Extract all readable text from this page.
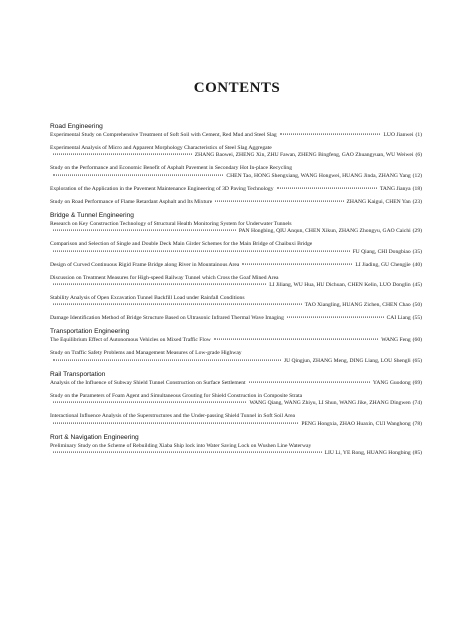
CONTENTS
Road Engineering
Experimental Study on Comprehensive Treatment of Soft Soil with Cement, Red Mud and Steel Slag	LUO Jianwei (1)
Experimental Analysis of Micro and Apparent Morphology Characteristics of Steel Slag Aggregate
ZHANG Baowei, ZHENG Xin, ZHU Fawan, ZHENG Bingfeng, GAO Zhuangyuan, WU Weiwei (6)
Study on the Performance and Economic Benefit of Asphalt Pavement in Secondary Hot In-place Recycling
CHEN Tao, HONG Shengxiang, WANG Hongwei, HUANG Jinda, ZHANG Yang (12)
Exploration of the Application in the Pavement Maintenance Engineering of 3D Paving Technology	TANG Jianya (18)
Study on Road Performance of Flame Retardant Asphalt and Its Mixture	ZHANG Kaigui, CHEN Yan (23)
Bridge & Tunnel Engineering
Research on Key Construction Technology of Structural Health Monitoring System for Underwater Tunnels
PAN Hongbing, QIU Anqun, CHEN Xikun, ZHANG Zhongyu, GAO Caichi (29)
Comparison and Selection of Single and Double Deck Main Girder Schemes for the Main Bridge of Chaibuxi Bridge
FU Qiang, CHI Dongbiao (35)
Design of Curved Continuous Rigid Frame Bridge along River in Mountainous Area	LI Jiading, GU Chengjie (40)
Discussion on Treatment Measures for High-speed Railway Tunnel which Cross the Goaf Mined Area
LI Jiliang, WU Hua, HU Dichuan, CHEN Kelin, LUO Donglin (45)
Stability Analysis of Open Excavation Tunnel Backfill Load under Rainfall Conditions
TAO Xiangling, HUANG Zichen, CHEN Chao (50)
Damage Identification Method of Bridge Structure Based on Ultrasonic Infrared Thermal Wave Imaging	CAI Liang (55)
Transportation Engineering
The Equilibrium Effect of Autonomous Vehicles on Mixed Traffic Flow	WANG Feng (60)
Study on Traffic Safety Problems and Management Measures of Low-grade Highway
JU Qingjun, ZHANG Meng, DING Liang, LOU Shengli (65)
Rail Transportation
Analysis of the Influence of Subway Shield Tunnel Construction on Surface Settlement	YANG Guodong (69)
Study on the Parameters of Foam Agent and Simultaneous Grouting for Shield Construction in Composite Strata
WANG Qiang, WANG Zhiyu, LI Shun, WANG Jike, ZHANG Dingwen (74)
Interactional Influence Analysis of the Superstructures and the Under-passing Shield Tunnel in Soft Soil Area
PENG Hongxia, ZHAO Huaxin, CUI Wanghong (78)
Rort & Navigation Engineering
Preliminary Study on the Scheme of Rebuilding Xiaba Ship lock into Water Saving Lock on Wushen Line Waterway
LIU Li, YE Rong, HUANG Hongbing (85)
